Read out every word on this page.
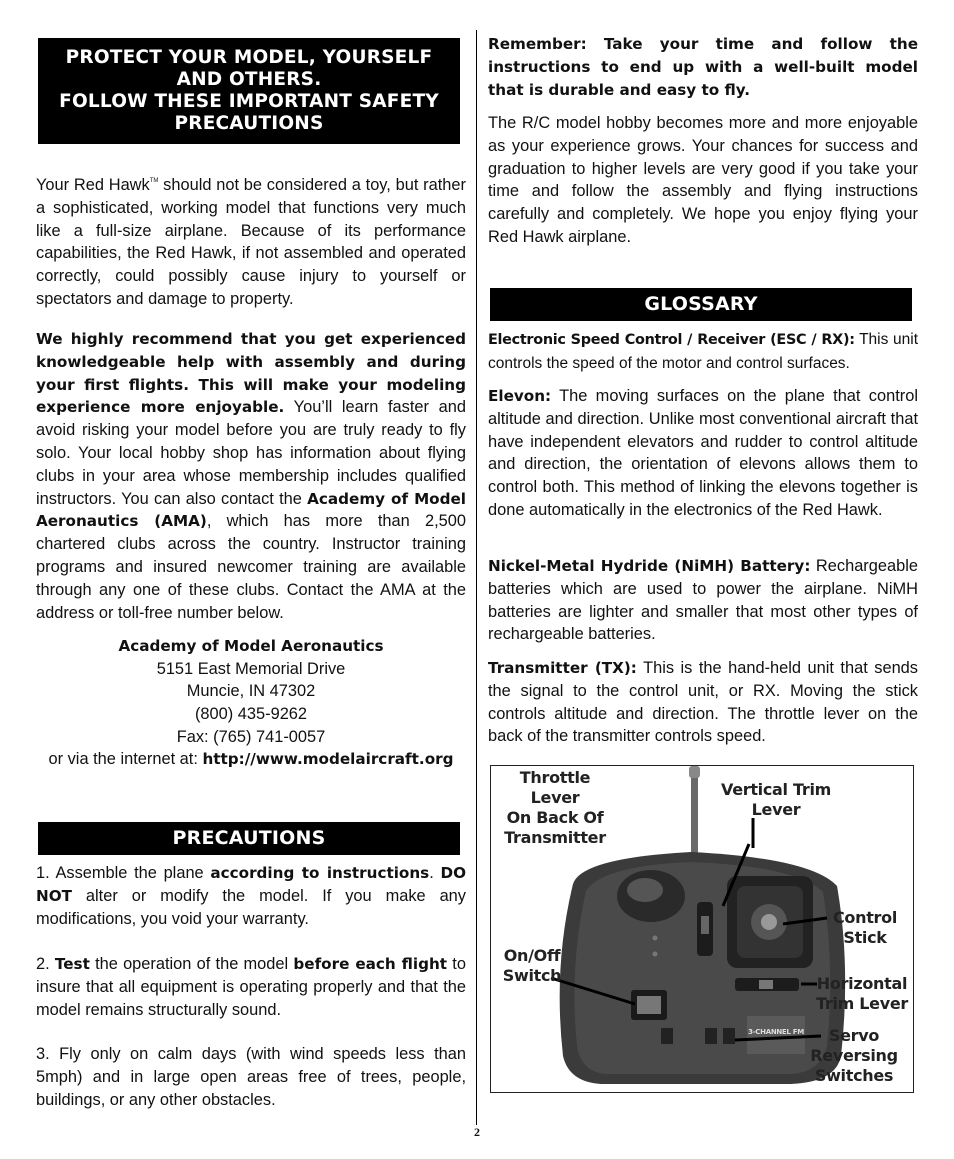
PROTECT YOUR MODEL, YOURSELF
AND OTHERS.
FOLLOW THESE IMPORTANT SAFETY
PRECAUTIONS

Your Red Hawk™ should not be considered a toy, but rather a sophisticated, working model that functions very much like a full-size airplane. Because of its performance capabilities, the Red Hawk, if not assembled and operated correctly, could possibly cause injury to yourself or spectators and damage to property.

We highly recommend that you get experienced knowledgeable help with assembly and during your first flights. This will make your modeling experience more enjoyable. You’ll learn faster and avoid risking your model before you are truly ready to fly solo. Your local hobby shop has information about flying clubs in your area whose membership includes qualified instructors. You can also contact the Academy of Model Aeronautics (AMA), which has more than 2,500 chartered clubs across the country. Instructor training programs and insured newcomer training are available through any one of these clubs. Contact the AMA at the address or toll-free number below.

Academy of Model Aeronautics
5151 East Memorial Drive
Muncie, IN 47302
(800) 435-9262
Fax: (765) 741-0057
or via the internet at: http://www.modelaircraft.org
PRECAUTIONS

1. Assemble the plane according to instructions. DO NOT alter or modify the model. If you make any modifications, you void your warranty.

2. Test the operation of the model before each flight to insure that all equipment is operating properly and that the model remains structurally sound.

3. Fly only on calm days (with wind speeds less than 5mph) and in large open areas free of trees, people, buildings, or any other obstacles.

Remember: Take your time and follow the instructions to end up with a well-built model that is durable and easy to fly.

The R/C model hobby becomes more and more enjoyable as your experience grows. Your chances for success and graduation to higher levels are very good if you take your time and follow the assembly and flying instructions carefully and completely. We hope you enjoy flying your Red Hawk airplane.

GLOSSARY

Electronic Speed Control / Receiver (ESC / RX): This unit controls the speed of the motor and control surfaces.

Elevon: The moving surfaces on the plane that control altitude and direction. Unlike most conventional aircraft that have independent elevators and rudder to control altitude and direction, the orientation of elevons allows them to control both. This method of linking the elevons together is done automatically in the electronics of the Red Hawk.

Nickel-Metal Hydride (NiMH) Battery: Rechargeable batteries which are used to power the airplane. NiMH batteries are lighter and smaller that most other types of rechargeable batteries.

Transmitter (TX): This is the hand-held unit that sends the signal to the control unit, or RX. Moving the stick controls altitude and direction. The throttle lever on the back of the transmitter controls speed.

Throttle Lever
On Back Of
Transmitter
Vertical Trim
Lever
Control
Stick
On/Off
Switch	Horizontal
Trim Lever
Servo
Reversing
Switches
3-CHANNEL FM
2
